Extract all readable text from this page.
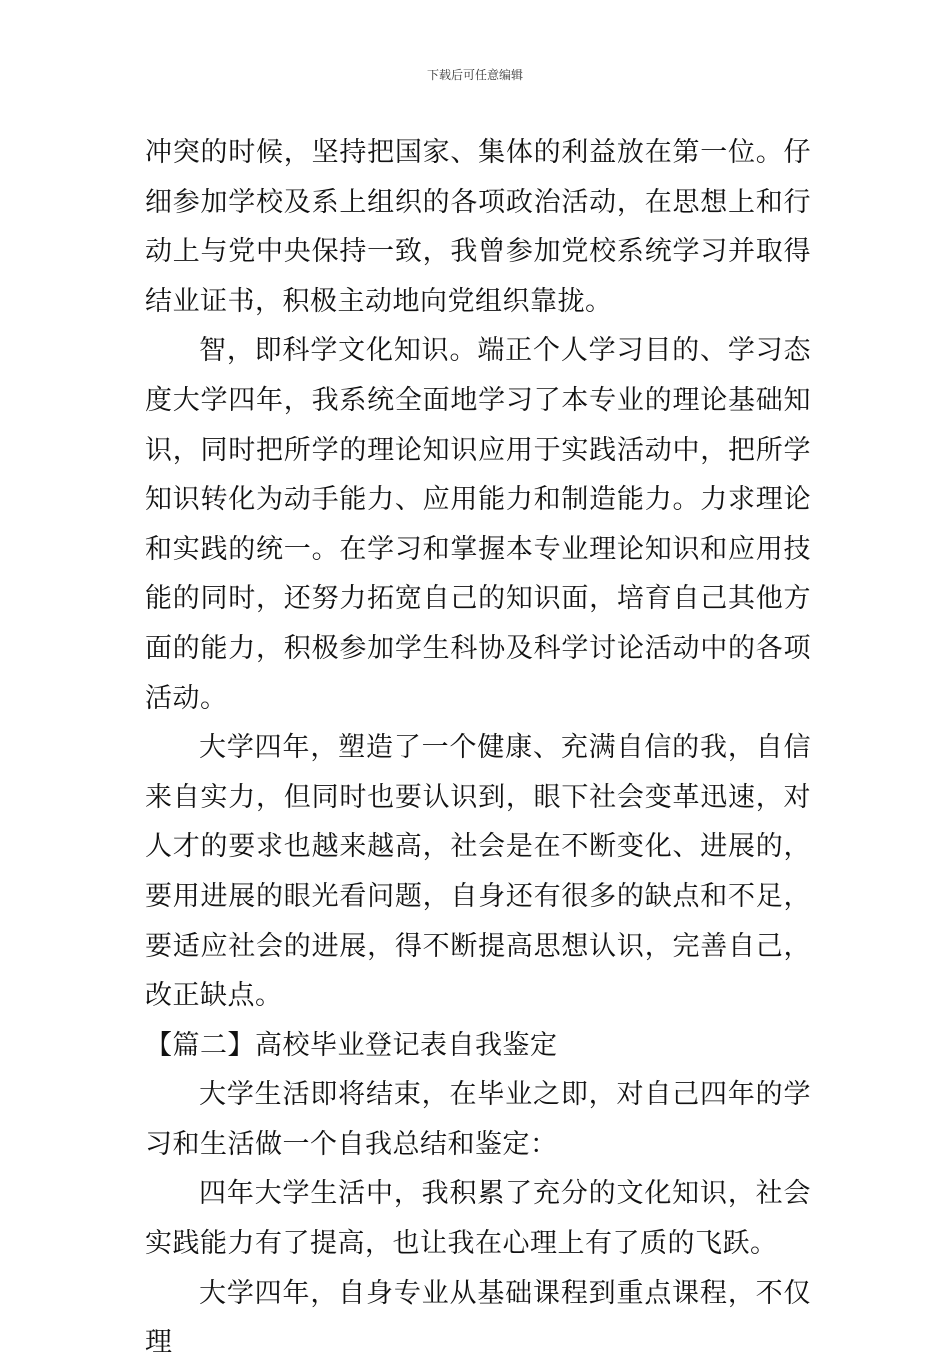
下载后可任意编辑

冲突的时候，坚持把国家、集体的利益放在第一位。仔细参加学校及系上组织的各项政治活动，在思想上和行动上与党中央保持一致，我曾参加党校系统学习并取得结业证书，积极主动地向党组织靠拢。

智，即科学文化知识。端正个人学习目的、学习态度大学四年，我系统全面地学习了本专业的理论基础知识，同时把所学的理论知识应用于实践活动中，把所学知识转化为动手能力、应用能力和制造能力。力求理论和实践的统一。在学习和掌握本专业理论知识和应用技能的同时，还努力拓宽自己的知识面，培育自己其他方面的能力，积极参加学生科协及科学讨论活动中的各项活动。

大学四年，塑造了一个健康、充满自信的我，自信来自实力，但同时也要认识到，眼下社会变革迅速，对人才的要求也越来越高，社会是在不断变化、进展的，要用进展的眼光看问题，自身还有很多的缺点和不足，要适应社会的进展，得不断提高思想认识，完善自己，改正缺点。

【篇二】高校毕业登记表自我鉴定

大学生活即将结束，在毕业之即，对自己四年的学习和生活做一个自我总结和鉴定：

四年大学生活中，我积累了充分的文化知识，社会实践能力有了提高，也让我在心理上有了质的飞跃。

大学四年，自身专业从基础课程到重点课程，不仅理
